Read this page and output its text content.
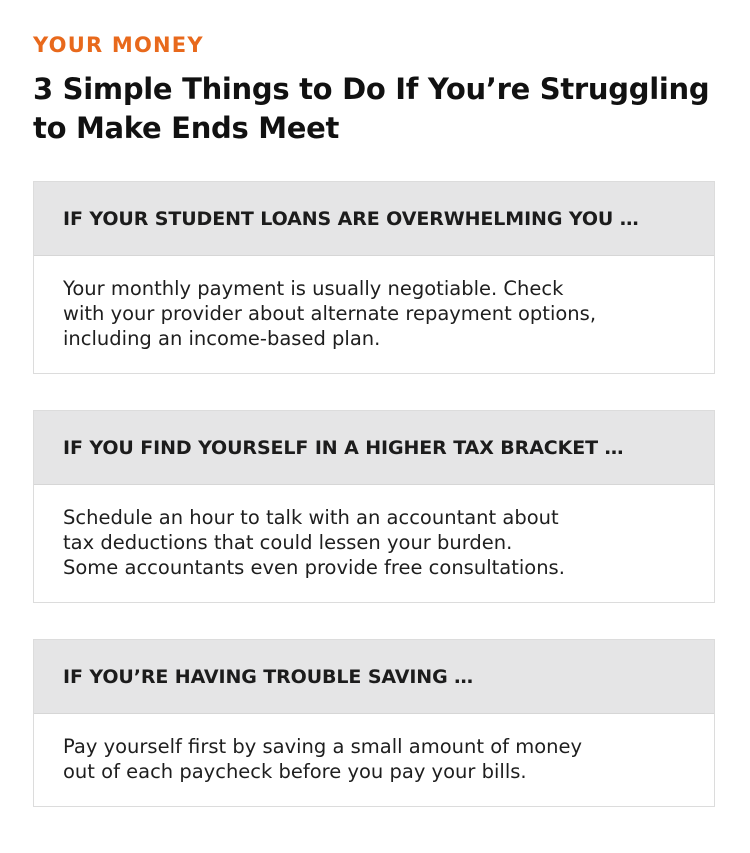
YOUR MONEY
3 Simple Things to Do If You’re Struggling to Make Ends Meet
IF YOUR STUDENT LOANS ARE OVERWHELMING YOU …

Your monthly payment is usually negotiable. Check
with your provider about alternate repayment options,
including an income-based plan.

IF YOU FIND YOURSELF IN A HIGHER TAX BRACKET …

Schedule an hour to talk with an accountant about
tax deductions that could lessen your burden.
Some accountants even provide free consultations.

IF YOU’RE HAVING TROUBLE SAVING …

Pay yourself first by saving a small amount of money
out of each paycheck before you pay your bills.
